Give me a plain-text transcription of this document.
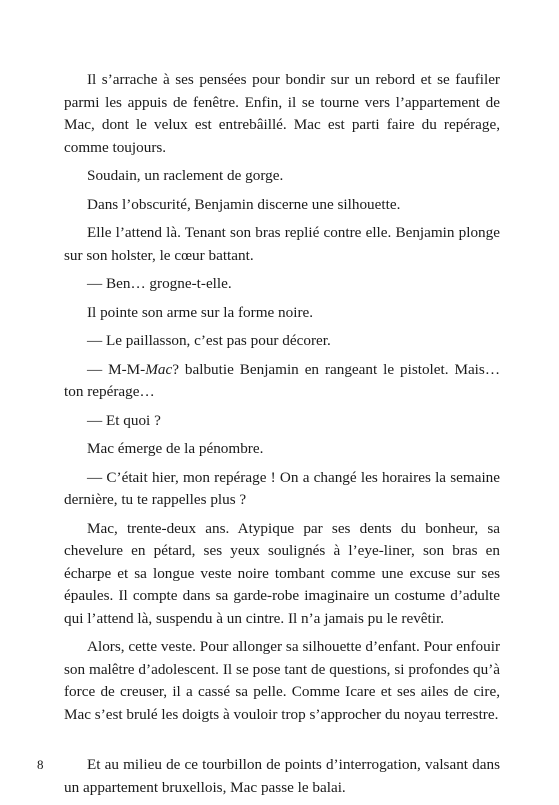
Il s’arrache à ses pensées pour bondir sur un rebord et se faufiler parmi les appuis de fenêtre. Enfin, il se tourne vers l’appartement de Mac, dont le velux est entrebâillé. Mac est parti faire du repérage, comme toujours.

Soudain, un raclement de gorge.

Dans l’obscurité, Benjamin discerne une silhouette.

Elle l’attend là. Tenant son bras replié contre elle. Benjamin plonge sur son holster, le cœur battant.

— Ben… grogne-t-elle.

Il pointe son arme sur la forme noire.

— Le paillasson, c’est pas pour décorer.

— M-M-Mac? balbutie Benjamin en rangeant le pistolet. Mais… ton repérage…

— Et quoi ?

Mac émerge de la pénombre.

— C’était hier, mon repérage ! On a changé les horaires la semaine dernière, tu te rappelles plus ?

Mac, trente-deux ans. Atypique par ses dents du bonheur, sa chevelure en pétard, ses yeux soulignés à l’eye-liner, son bras en écharpe et sa longue veste noire tombant comme une excuse sur ses épaules. Il compte dans sa garde-robe imaginaire un costume d’adulte qui l’attend là, suspendu à un cintre. Il n’a jamais pu le revêtir.

Alors, cette veste. Pour allonger sa silhouette d’enfant. Pour enfouir son malêtre d’adolescent. Il se pose tant de questions, si profondes qu’à force de creuser, il a cassé sa pelle. Comme Icare et ses ailes de cire, Mac s’est brulé les doigts à vouloir trop s’approcher du noyau terrestre.

Et au milieu de ce tourbillon de points d’interrogation, valsant dans un appartement bruxellois, Mac passe le balai.

8
